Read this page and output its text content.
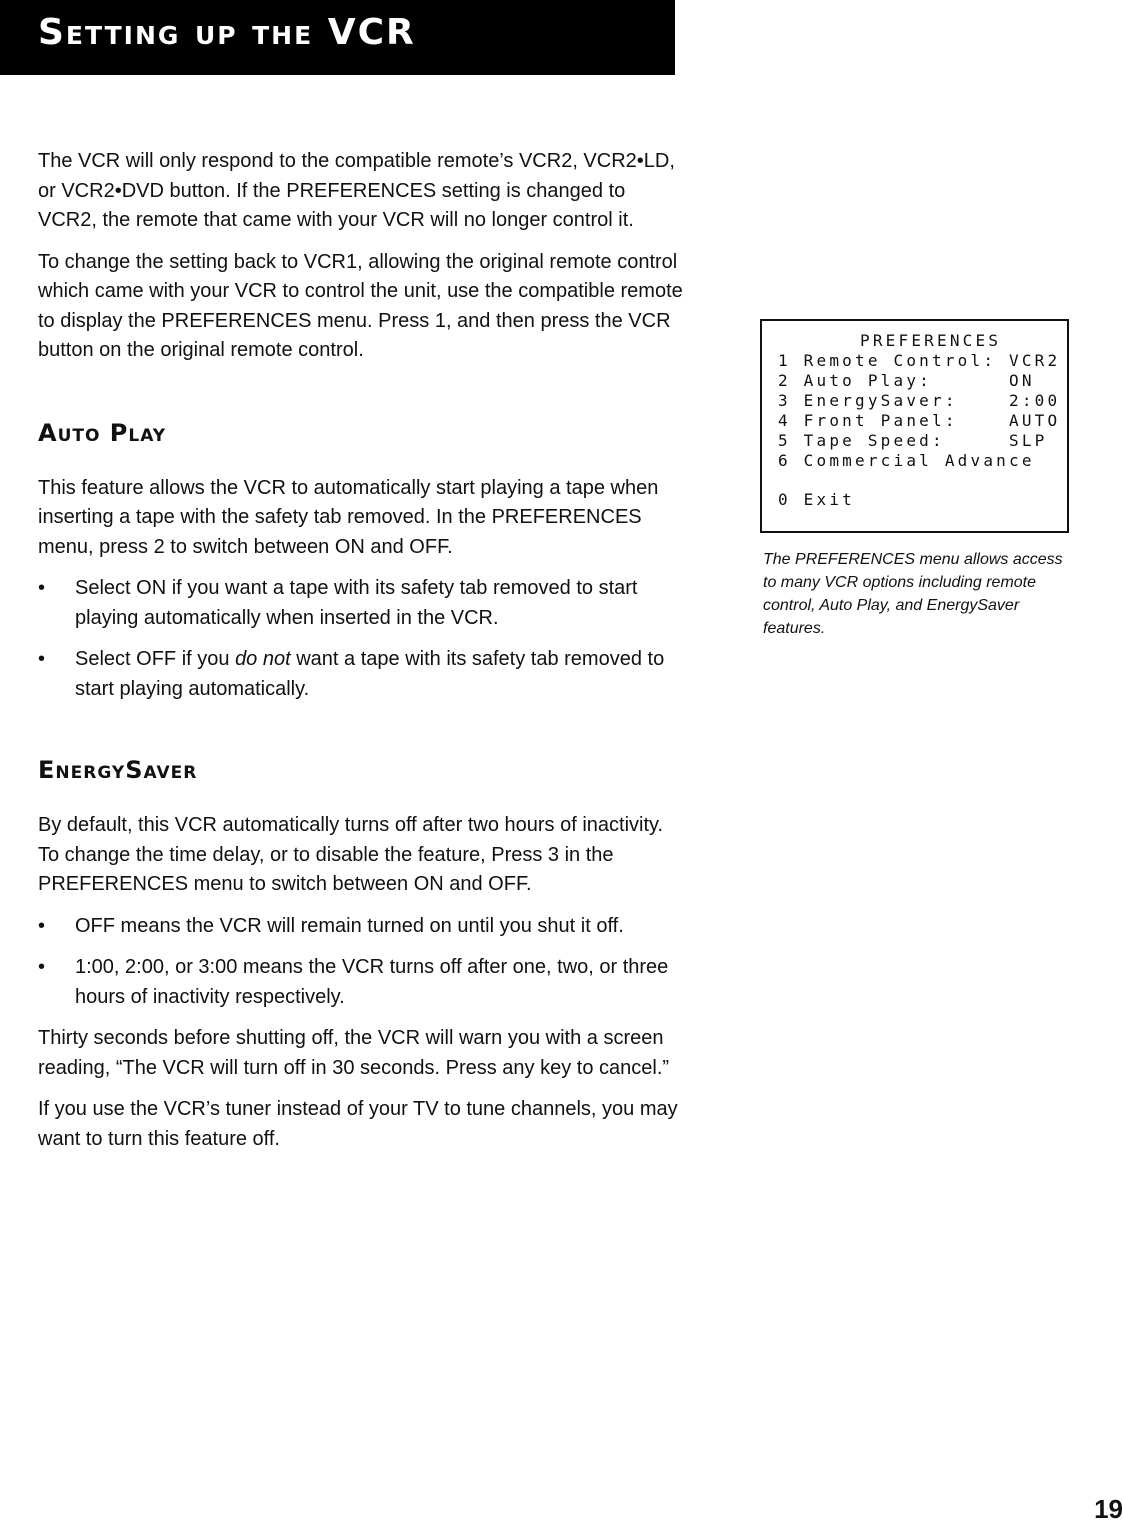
Setting up the VCR

The VCR will only respond to the compatible remote’s VCR2, VCR2•LD, or VCR2•DVD button. If the PREFERENCES setting is changed to VCR2, the remote that came with your VCR will no longer control it.

To change the setting back to VCR1, allowing the original remote control which came with your VCR to control the unit, use the compatible remote to display the PREFERENCES menu. Press 1, and then press the VCR button on the original remote control.

Auto Play

This feature allows the VCR to automatically start playing a tape when inserting a tape with the safety tab removed. In the PREFERENCES menu, press 2 to switch between ON and OFF.

• Select ON if you want a tape with its safety tab removed to start playing automatically when inserted in the VCR.
• Select OFF if you do not want a tape with its safety tab removed to start playing automatically.
EnergySaver

By default, this VCR automatically turns off after two hours of inactivity. To change the time delay, or to disable the feature, Press 3 in the PREFERENCES menu to switch between ON and OFF.

• OFF means the VCR will remain turned on until you shut it off.
• 1:00, 2:00, or 3:00 means the VCR turns off after one, two, or three hours of inactivity respectively.

Thirty seconds before shutting off, the VCR will warn you with a screen reading, “The VCR will turn off in 30 seconds. Press any key to cancel.”

If you use the VCR’s tuner instead of your TV to tune channels, you may want to turn this feature off.

PREFERENCES
1 Remote Control: VCR2
2 Auto Play:      ON
3 EnergySaver:    2:00
4 Front Panel:    AUTO
5 Tape Speed:     SLP
6 Commercial Advance
0 Exit
The PREFERENCES menu allows access to many VCR options including remote control, Auto Play, and EnergySaver features.
19
